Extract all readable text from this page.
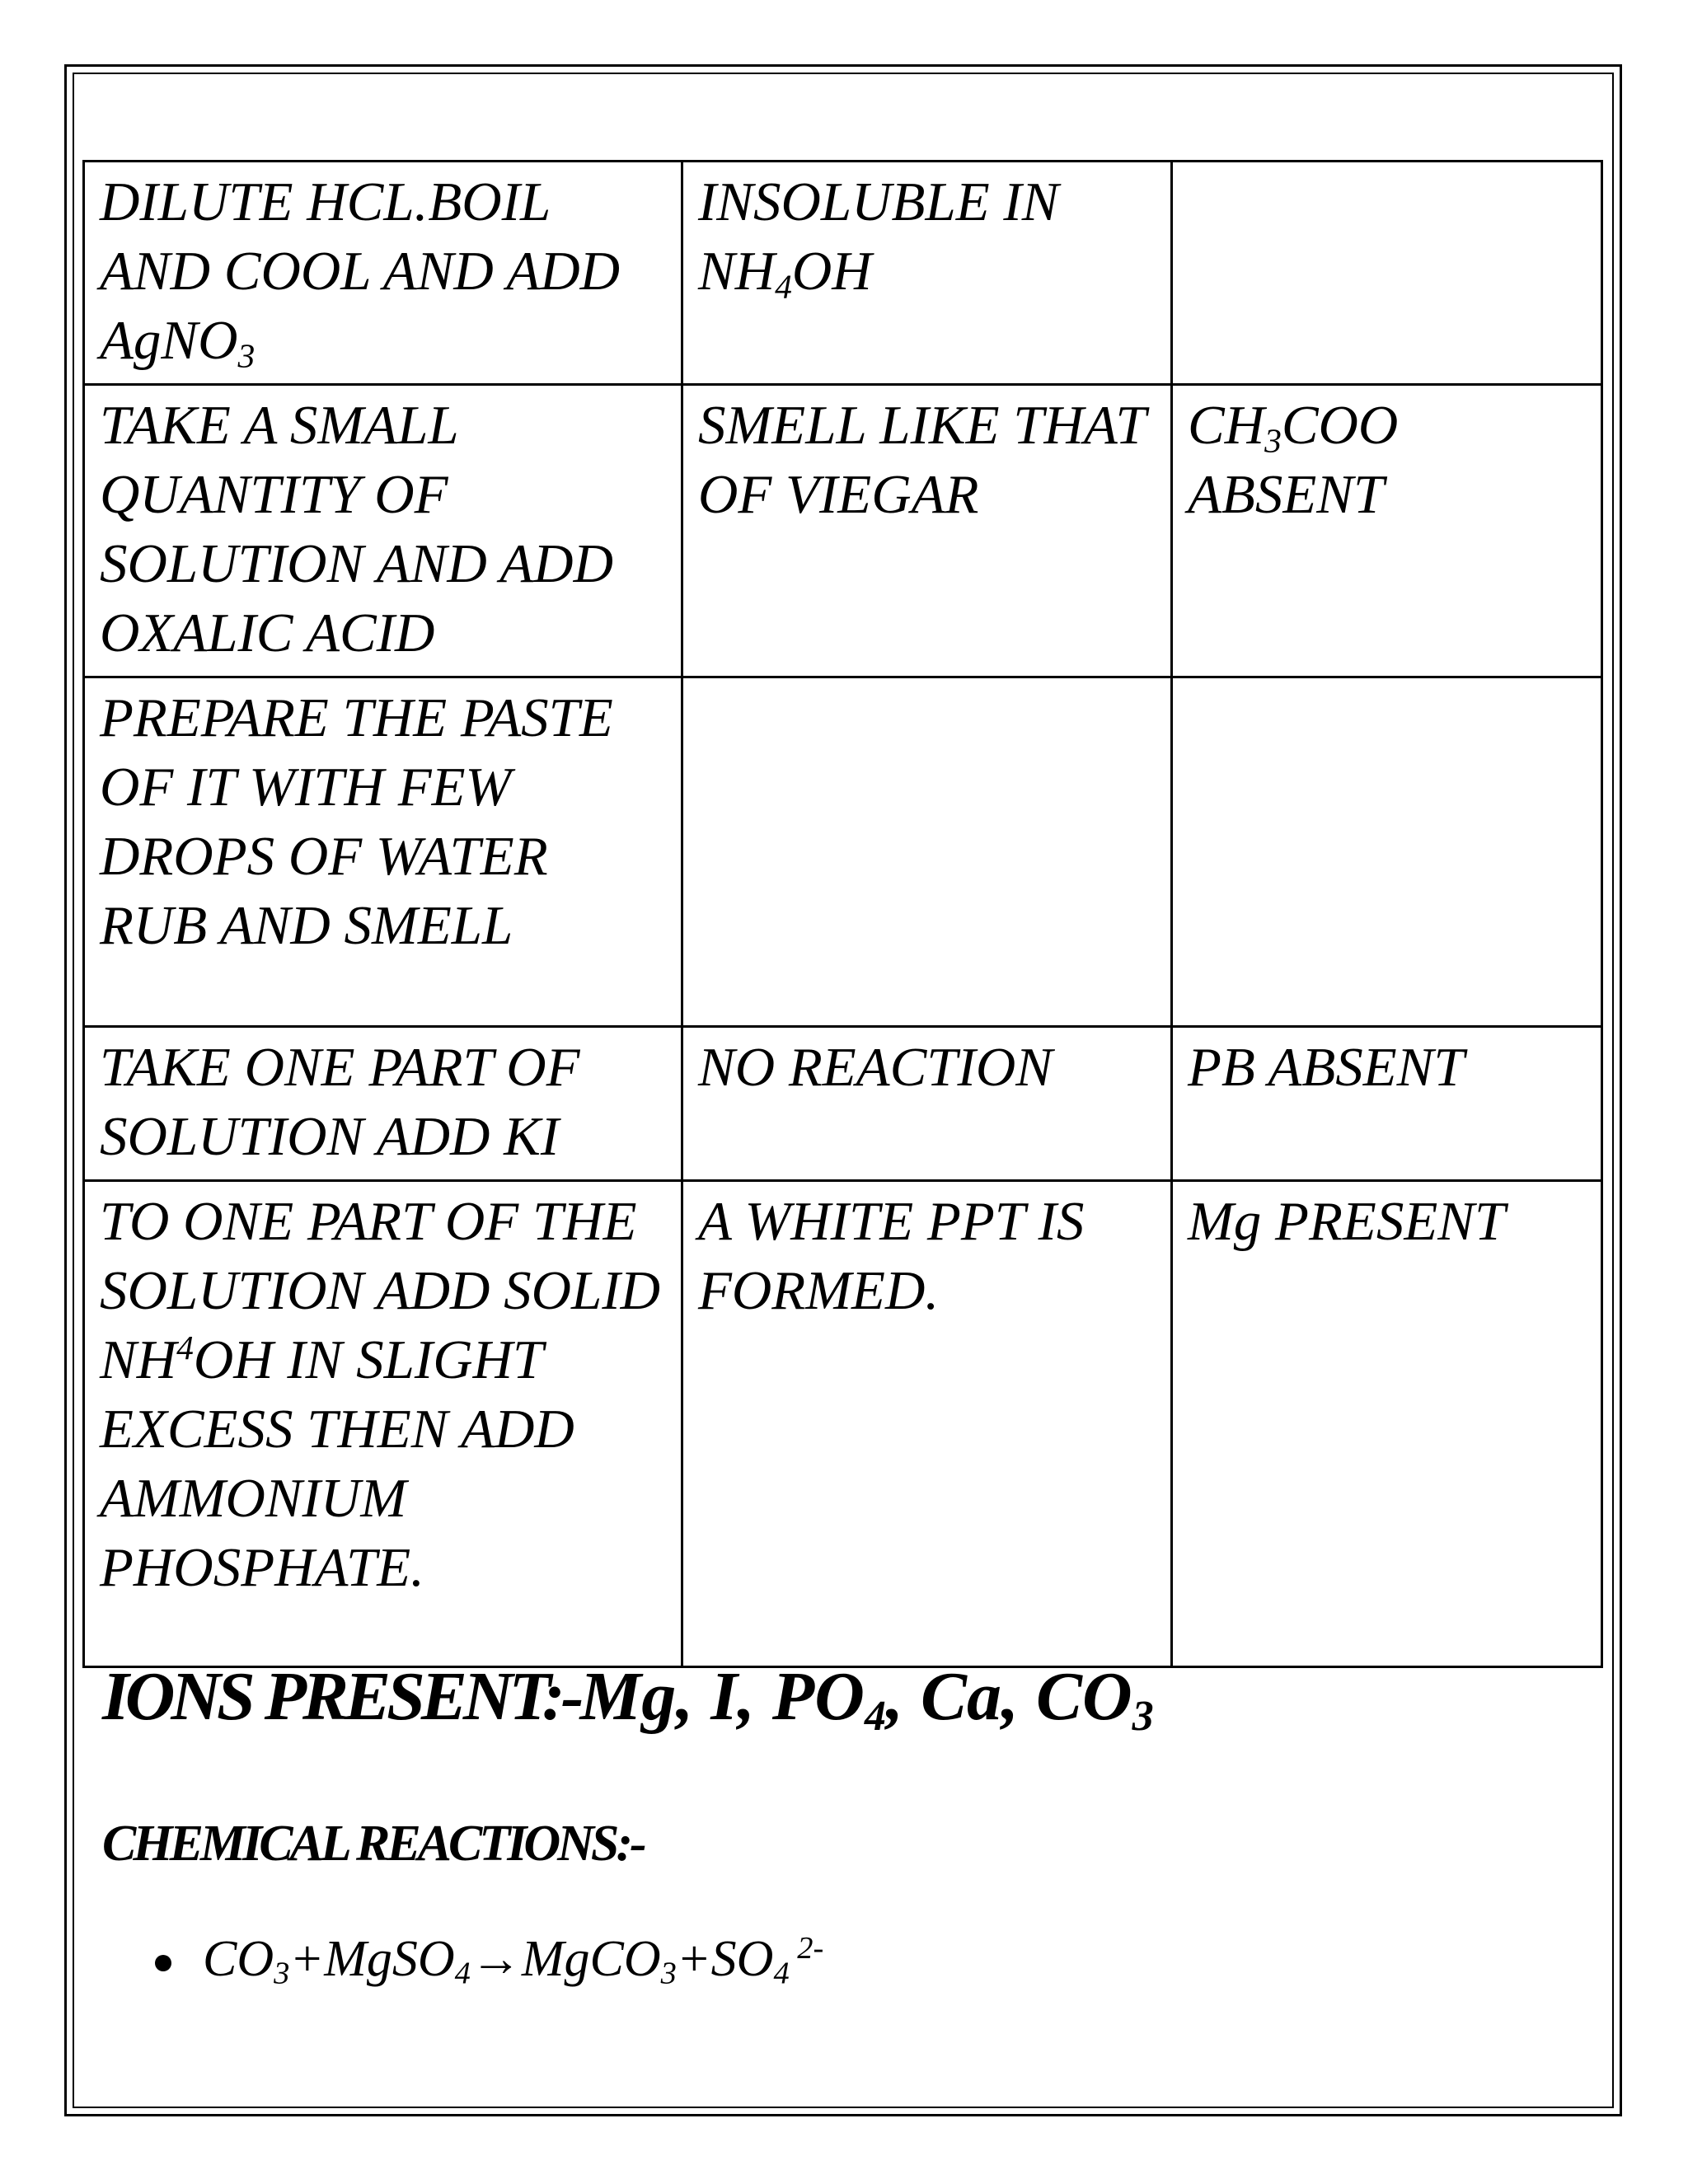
DILUTE HCL.BOIL AND COOL AND ADD AgNO$_3$	INSOLUBLE IN $NH_4OH$	

TAKE A SMALL QUANTITY OF SOLUTION AND ADD OXALIC ACID	SMELL LIKE THAT OF VIEGAR	$CH_3COO$ ABSENT

PREPARE THE PASTE OF IT WITH FEW DROPS OF WATER RUB AND SMELL		

TAKE ONE PART OF SOLUTION ADD KI	NO REACTION	PB ABSENT

TO ONE PART OF THE SOLUTION ADD SOLID $NH^4OH$ IN SLIGHT EXCESS THEN ADD AMMONIUM PHOSPHATE.	A WHITE PPT IS FORMED.	Mg PRESENT
IONS PRESENT:-Mg, I, $PO_4$, Ca, $CO_3$
CHEMICAL REACTIONS:-
$CO_3+MgSO_4\to MgCO_3+SO_4$ $^{2-}$
